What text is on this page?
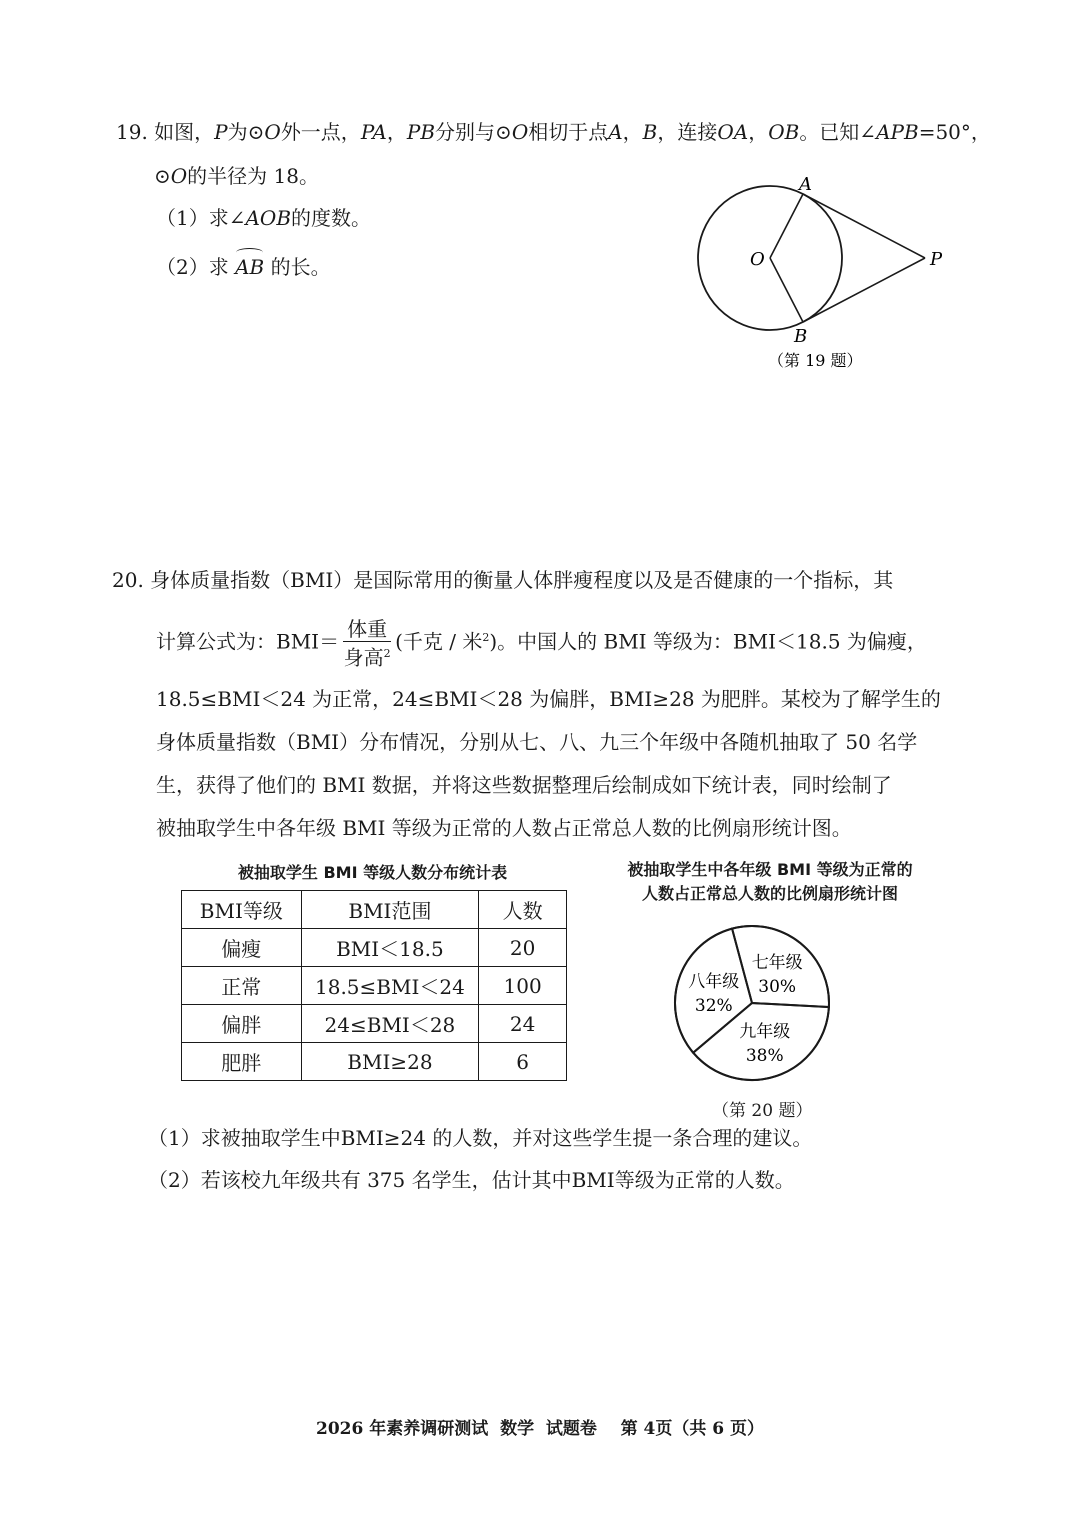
19. 如图，P为⊙O外一点，PA，PB分别与⊙O相切于点A，B，连接OA，OB。已知∠APB=50°，
⊙O的半径为 18。
（1）求∠AOB的度数。
（2）求 AB 的长。
A
B
O	P
（第 19 题）
20. 身体质量指数（BMI）是国际常用的衡量人体胖瘦程度以及是否健康的一个指标，其
计算公式为：$BMI= \frac{\text{体重}}{身高^2}$ (千克 / 米$^2$)。中国人的 BMI 等级为：BMI＜18.5 为偏瘦，
18.5≤BMI＜24 为正常，24≤BMI＜28 为偏胖，BMI≥28 为肥胖。某校为了解学生的
身体质量指数（BMI）分布情况，分别从七、八、九三个年级中各随机抽取了 50 名学
生，获得了他们的 BMI 数据，并将这些数据整理后绘制成如下统计表，同时绘制了
被抽取学生中各年级 BMI 等级为正常的人数占正常总人数的比例扇形统计图。
被抽取学生 BMI 等级人数分布统计表
BMI等级	BMI范围	人数
偏瘦	BMI＜18.5	20
正常	18.5≤BMI＜24	100
偏胖	24≤BMI＜28	24
肥胖	BMI≥28	6
被抽取学生中各年级 BMI 等级为正常的
人数占正常总人数的比例扇形统计图
七年级
30%
九年级
38%
八年级
32%
（第 20 题）
（1）求被抽取学生中BMI≥24 的人数，并对这些学生提一条合理的建议。
（2）若该校九年级共有 375 名学生，估计其中BMI等级为正常的人数。
2026 年素养调研测试  数学  试题卷    第 4页（共 6 页）
